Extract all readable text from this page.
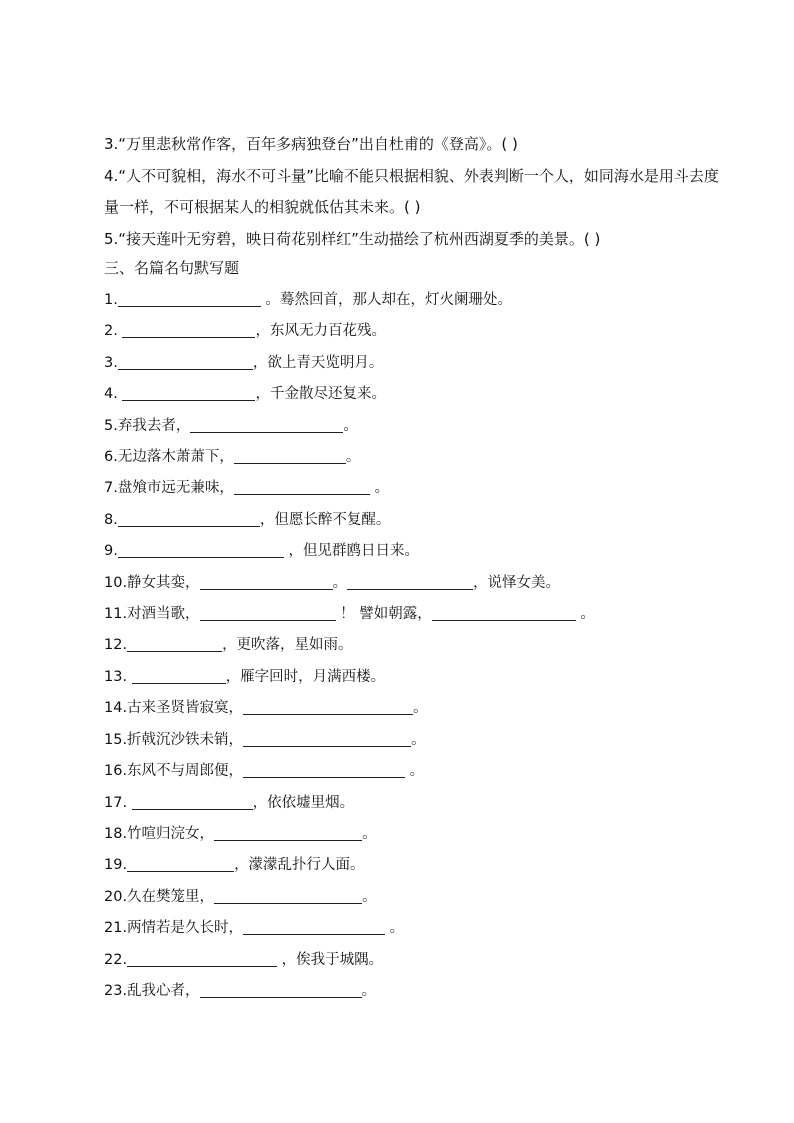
3.“万里悲秋常作客，百年多病独登台”出自杜甫的《登高》。( )
4.“人不可貌相，海水不可斗量”比喻不能只根据相貌、外表判断一个人，如同海水是用斗去度量一样，不可根据某人的相貌就低估其未来。( )
5.“接天莲叶无穷碧，映日荷花别样红”生动描绘了杭州西湖夏季的美景。( )
三、名篇名句默写题
1.	。蓦然回首，那人却在，灯火阑珊处。
2.	，东风无力百花残。
3.	，欲上青天览明月。
4.	，千金散尽还复来。
5.弃我去者，	。
6.无边落木萧萧下，	。
7.盘飧市远无兼味，	。
8.	，但愿长醉不复醒。
9.	，但见群鸥日日来。
10.静女其娈，	。	，说怿女美。
11.对酒当歌，	！ 譬如朝露，	。
12.	，更吹落，星如雨。
13.	，雁字回时，月满西楼。
14.古来圣贤皆寂寞，	。
15.折戟沉沙铁未销，	。
16.东风不与周郎便，	。
17.	，依依墟里烟。
18.竹喧归浣女，	。
19.	，濛濛乱扑行人面。
20.久在樊笼里，	。
21.两情若是久长时，	。
22.	，俟我于城隅。
23.乱我心者，	。
